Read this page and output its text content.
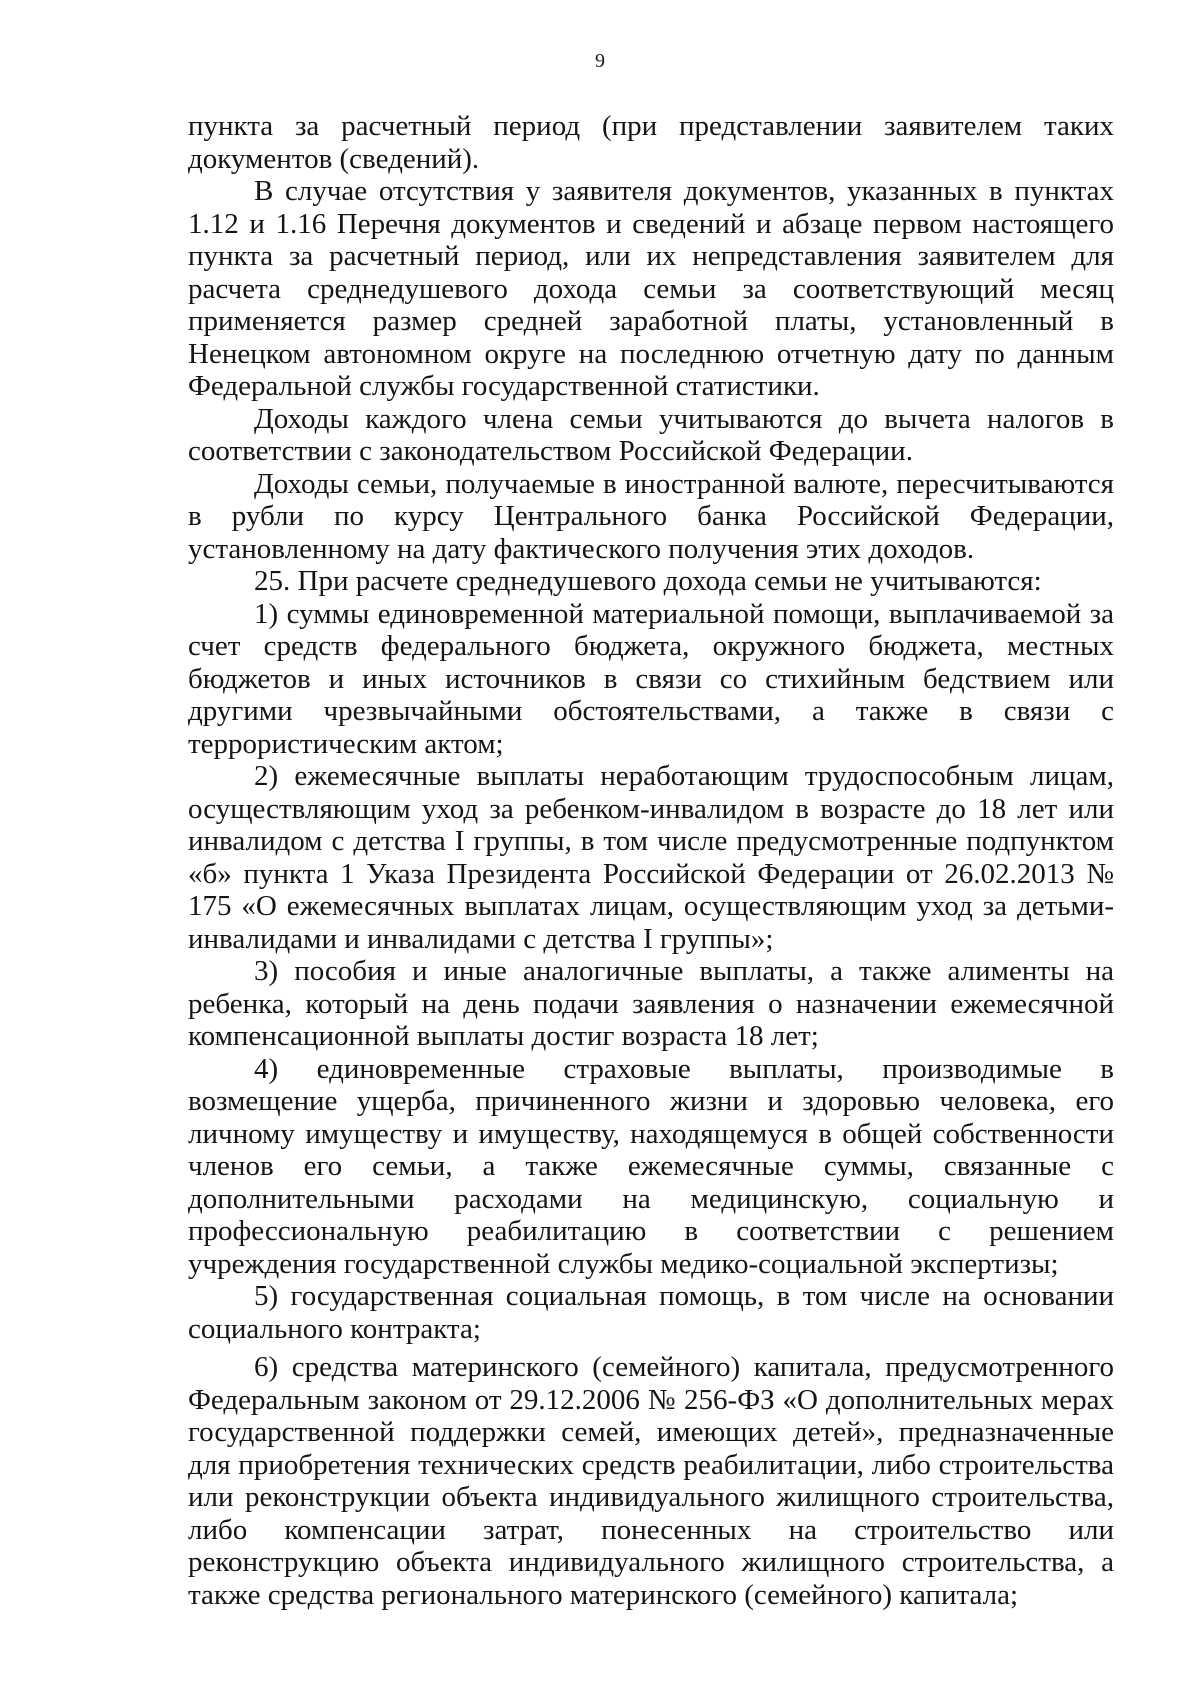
9

пункта за расчетный период (при представлении заявителем таких документов (сведений).

В случае отсутствия у заявителя документов, указанных в пунктах 1.12 и 1.16 Перечня документов и сведений и абзаце первом настоящего пункта за расчетный период, или их непредставления заявителем для расчета среднедушевого дохода семьи за соответствующий месяц применяется размер средней заработной платы, установленный в Ненецком автономном округе на последнюю отчетную дату по данным Федеральной службы государственной статистики.

Доходы каждого члена семьи учитываются до вычета налогов в соответствии с законодательством Российской Федерации.

Доходы семьи, получаемые в иностранной валюте, пересчитываются в рубли по курсу Центрального банка Российской Федерации, установленному на дату фактического получения этих доходов.

25. При расчете среднедушевого дохода семьи не учитываются:

1) суммы единовременной материальной помощи, выплачиваемой за счет средств федерального бюджета, окружного бюджета, местных бюджетов и иных источников в связи со стихийным бедствием или другими чрезвычайными обстоятельствами, а также в связи с террористическим актом;

2) ежемесячные выплаты неработающим трудоспособным лицам, осуществляющим уход за ребенком-инвалидом в возрасте до 18 лет или инвалидом с детства I группы, в том числе предусмотренные подпунктом «б» пункта 1 Указа Президента Российской Федерации от 26.02.2013 № 175 «О ежемесячных выплатах лицам, осуществляющим уход за детьми-инвалидами и инвалидами с детства I группы»;

3) пособия и иные аналогичные выплаты, а также алименты на ребенка, который на день подачи заявления о назначении ежемесячной компенсационной выплаты достиг возраста 18 лет;

4) единовременные страховые выплаты, производимые в возмещение ущерба, причиненного жизни и здоровью человека, его личному имуществу и имуществу, находящемуся в общей собственности членов его семьи, а также ежемесячные суммы, связанные с дополнительными расходами на медицинскую, социальную и профессиональную реабилитацию в соответствии с решением учреждения государственной службы медико-социальной экспертизы;

5) государственная социальная помощь, в том числе на основании социального контракта;

6) средства материнского (семейного) капитала, предусмотренного Федеральным законом от 29.12.2006 № 256-ФЗ «О дополнительных мерах государственной поддержки семей, имеющих детей», предназначенные для приобретения технических средств реабилитации, либо строительства или реконструкции объекта индивидуального жилищного строительства, либо компенсации затрат, понесенных на строительство или реконструкцию объекта индивидуального жилищного строительства, а также средства регионального материнского (семейного) капитала;
